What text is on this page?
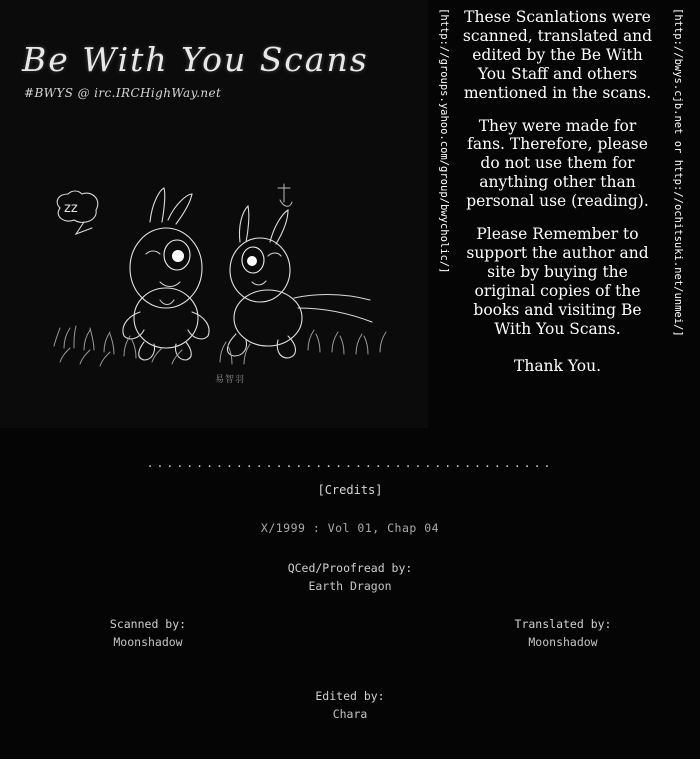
Be With You Scans
#BWYS @ irc.IRCHighWay.net
zz
易智羽
[http://groups.yahoo.com/group/bwycholic/]	[http://bwys.cjb.net or http://ochitsuki.net/unmei/]

These Scanlations were scanned, translated and edited by the Be With You Staff and others mentioned in the scans.

They were made for fans. Therefore, please do not use them for anything other than personal use (reading).

Please Remember to support the author and site by buying the original copies of the books and visiting Be With You Scans.

Thank You.

.........................................
[Credits]
X/1999 : Vol 01, Chap 04
QCed/Proofread by:
Earth Dragon
Scanned by:
Moonshadow
Translated by:
Moonshadow
Edited by:
Chara
